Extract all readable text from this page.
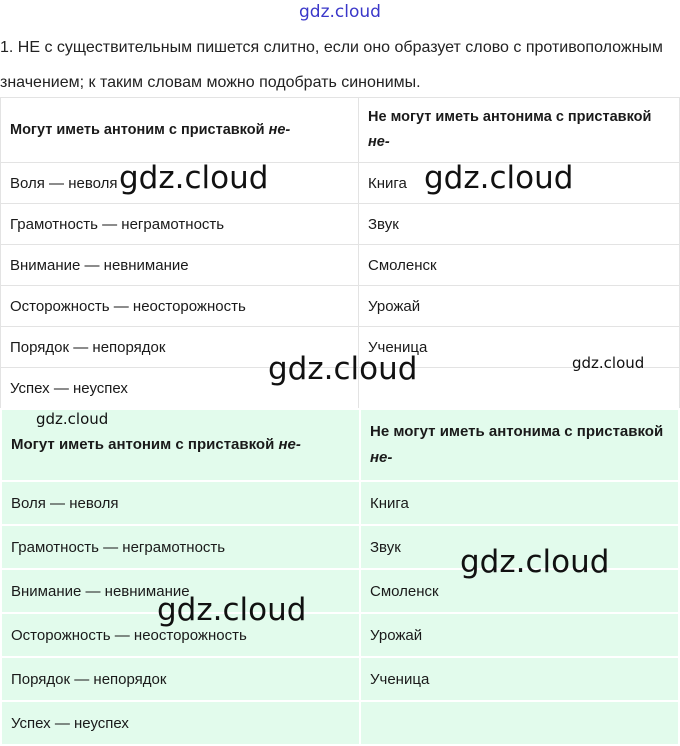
gdz.cloud
1. НЕ с существительным пишется слитно, если оно образует слово с противоположным значением; к таким словам можно подобрать синонимы.
Могут иметь антоним с приставкой не-	Не могут иметь антонима с приставкой не-
Воля — неволя	Книга
Грамотность — неграмотность	Звук
Внимание — невнимание	Смоленск
Осторожность — неосторожность	Урожай
Порядок — непорядок	Ученица
Успех — неуспех	
Могут иметь антоним с приставкой не-	Не могут иметь антонима с приставкой не-
Воля — неволя	Книга
Грамотность — неграмотность	Звук
Внимание — невнимание	Смоленск
Осторожность — неосторожность	Урожай
Порядок — непорядок	Ученица
Успех — неуспех	
gdz.cloud	gdz.cloud
gdz.cloud	gdz.cloud
gdz.cloud
gdz.cloud
gdz.cloud
